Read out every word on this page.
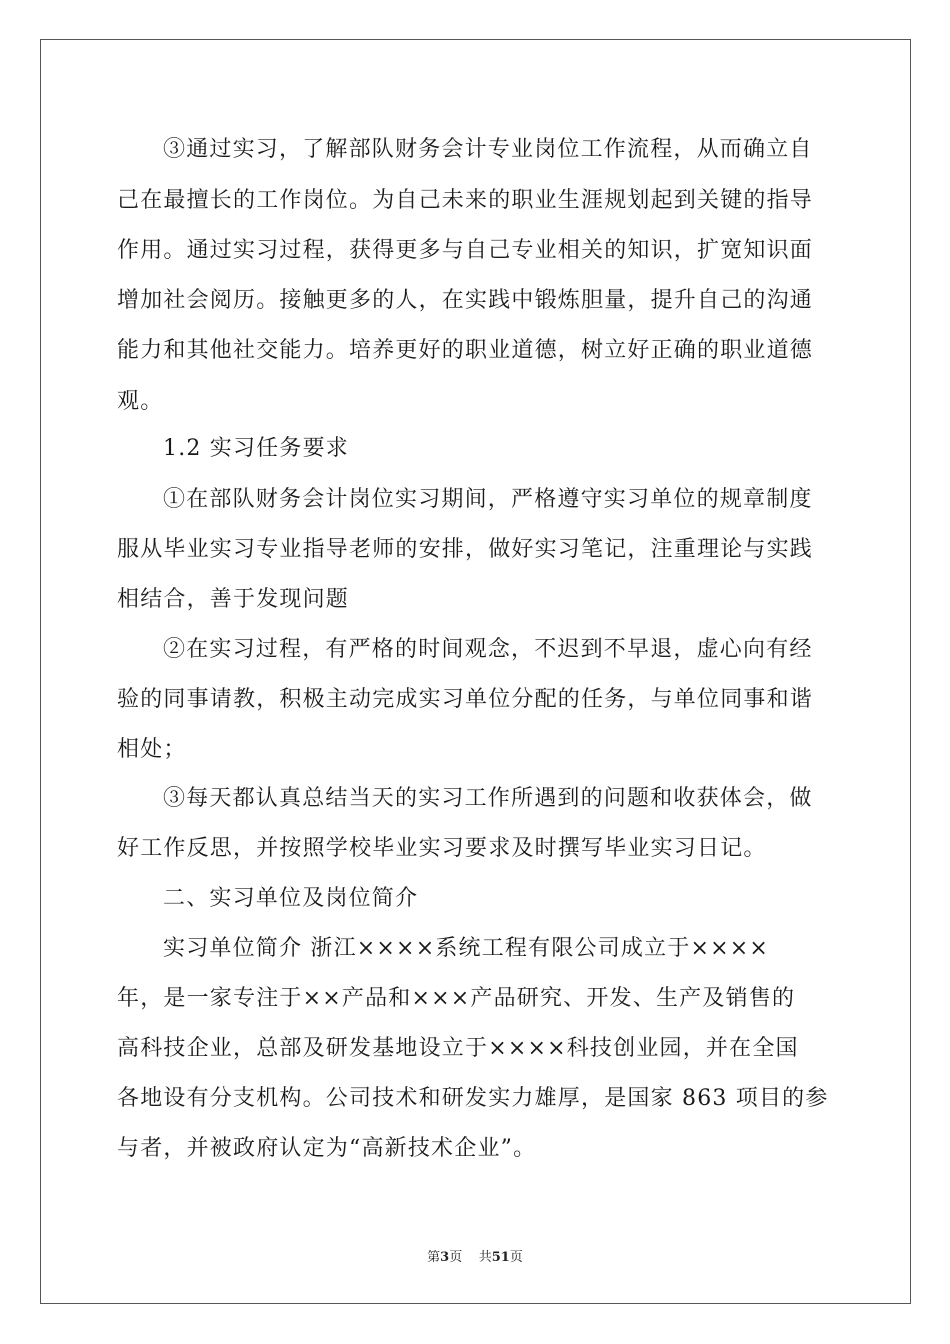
③通过实习，了解部队财务会计专业岗位工作流程，从而确立自
己在最擅长的工作岗位。为自己未来的职业生涯规划起到关键的指导
作用。通过实习过程，获得更多与自己专业相关的知识，扩宽知识面
增加社会阅历。接触更多的人，在实践中锻炼胆量，提升自己的沟通
能力和其他社交能力。培养更好的职业道德，树立好正确的职业道德
观。
1.2 实习任务要求
①在部队财务会计岗位实习期间，严格遵守实习单位的规章制度
服从毕业实习专业指导老师的安排，做好实习笔记，注重理论与实践
相结合，善于发现问题
②在实习过程，有严格的时间观念，不迟到不早退，虚心向有经
验的同事请教，积极主动完成实习单位分配的任务，与单位同事和谐
相处；
③每天都认真总结当天的实习工作所遇到的问题和收获体会，做
好工作反思，并按照学校毕业实习要求及时撰写毕业实习日记。
二、实习单位及岗位简介
实习单位简介 浙江××××系统工程有限公司成立于××××
年，是一家专注于××产品和×××产品研究、开发、生产及销售的
高科技企业，总部及研发基地设立于××××科技创业园，并在全国
各地设有分支机构。公司技术和研发实力雄厚，是国家 863 项目的参
与者，并被政府认定为“高新技术企业”。
第3页 共51页
